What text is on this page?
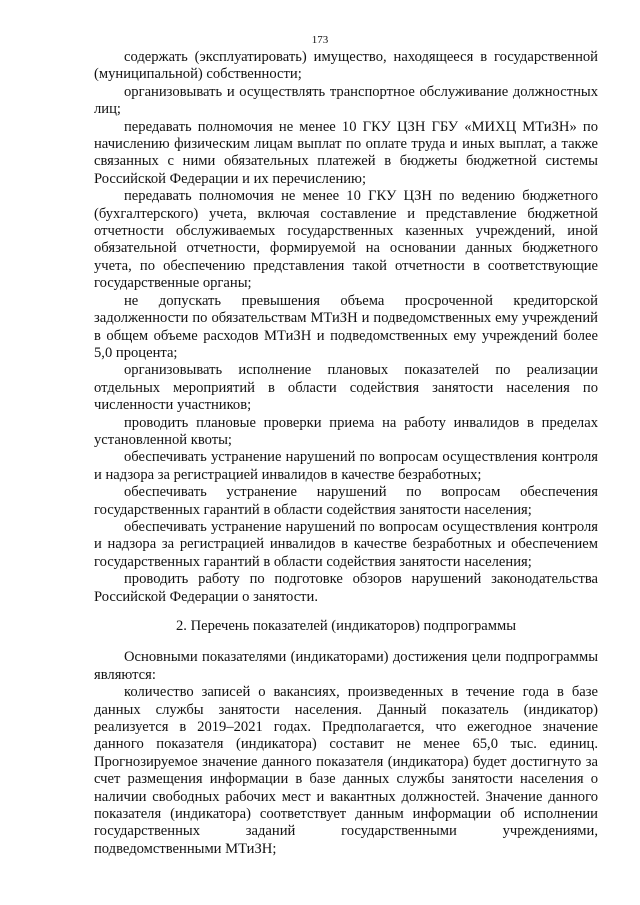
173

содержать (эксплуатировать) имущество, находящееся в государственной (муниципальной) собственности;

организовывать и осуществлять транспортное обслуживание должностных лиц;

передавать полномочия не менее 10 ГКУ ЦЗН ГБУ «МИХЦ МТиЗН» по начислению физическим лицам выплат по оплате труда и иных выплат, а также связанных с ними обязательных платежей в бюджеты бюджетной системы Российской Федерации и их перечислению;

передавать полномочия не менее 10 ГКУ ЦЗН по ведению бюджетного (бухгалтерского) учета, включая составление и представление бюджетной отчетности обслуживаемых государственных казенных учреждений, иной обязательной отчетности, формируемой на основании данных бюджетного учета, по обеспечению представления такой отчетности в соответствующие государственные органы;

не допускать превышения объема просроченной кредиторской задолженности по обязательствам МТиЗН и подведомственных ему учреждений в общем объеме расходов МТиЗН и подведомственных ему учреждений более 5,0 процента;

организовывать исполнение плановых показателей по реализации отдельных мероприятий в области содействия занятости населения по численности участников;

проводить плановые проверки приема на работу инвалидов в пределах установленной квоты;

обеспечивать устранение нарушений по вопросам осуществления контроля и надзора за регистрацией инвалидов в качестве безработных;

обеспечивать устранение нарушений по вопросам обеспечения государственных гарантий в области содействия занятости населения;

обеспечивать устранение нарушений по вопросам осуществления контроля и надзора за регистрацией инвалидов в качестве безработных и обеспечением государственных гарантий в области содействия занятости населения;

проводить работу по подготовке обзоров нарушений законодательства Российской Федерации о занятости.

2. Перечень показателей (индикаторов) подпрограммы

Основными показателями (индикаторами) достижения цели подпрограммы являются:

количество записей о вакансиях, произведенных в течение года в базе данных службы занятости населения. Данный показатель (индикатор) реализуется в 2019–2021 годах. Предполагается, что ежегодное значение данного показателя (индикатора) составит не менее 65,0 тыс. единиц. Прогнозируемое значение данного показателя (индикатора) будет достигнуто за счет размещения информации в базе данных службы занятости населения о наличии свободных рабочих мест и вакантных должностей. Значение данного показателя (индикатора) соответствует данным информации об исполнении государственных заданий государственными учреждениями, подведомственными МТиЗН;
